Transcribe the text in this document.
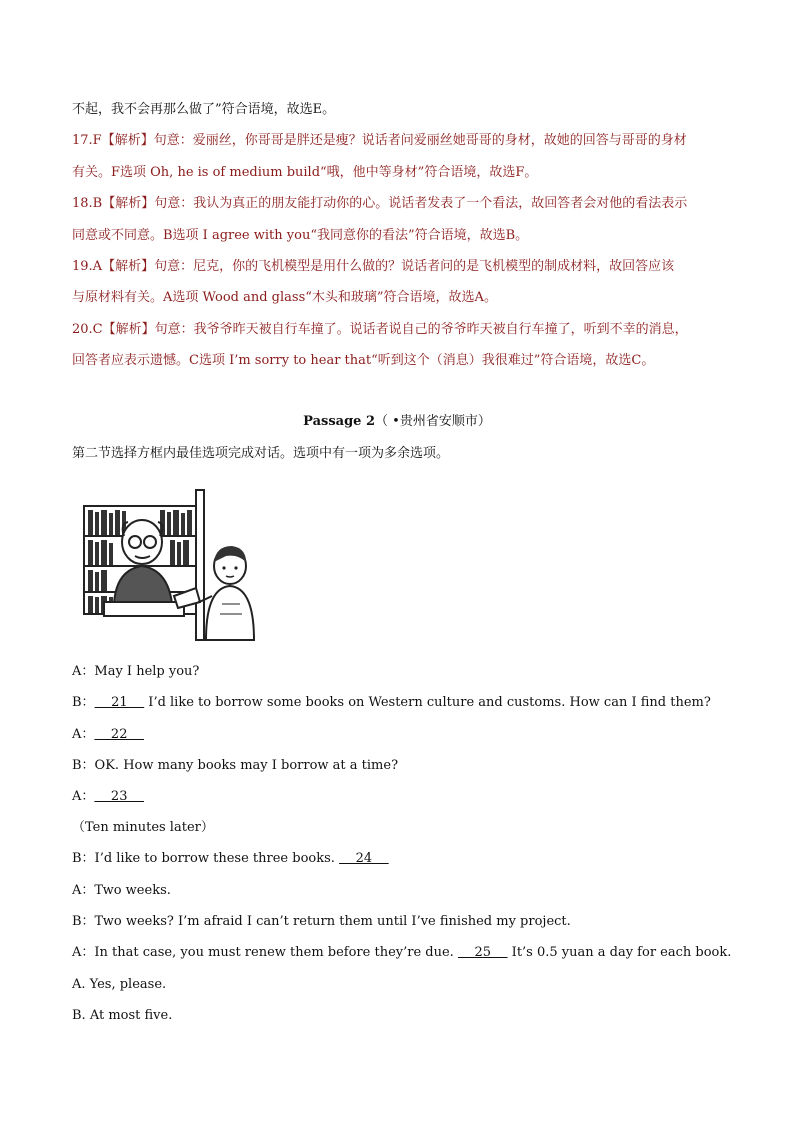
不起，我不会再那么做了”符合语境，故选E。
17.F【解析】句意：爱丽丝，你哥哥是胖还是瘦？说话者问爱丽丝她哥哥的身材，故她的回答与哥哥的身材
有关。F选项 Oh, he is of medium build“哦，他中等身材”符合语境，故选F。
18.B【解析】句意：我认为真正的朋友能打动你的心。说话者发表了一个看法，故回答者会对他的看法表示
同意或不同意。B选项 I agree with you“我同意你的看法”符合语境，故选B。
19.A【解析】句意：尼克，你的飞机模型是用什么做的？说话者问的是飞机模型的制成材料，故回答应该
与原材料有关。A选项 Wood and glass“木头和玻璃”符合语境，故选A。
20.C【解析】句意：我爷爷昨天被自行车撞了。说话者说自己的爷爷昨天被自行车撞了，听到不幸的消息，
回答者应表示遗憾。C选项 I’m sorry to hear that“听到这个（消息）我很难过”符合语境，故选C。
Passage 2（ •贵州省安顺市）
第二节选择方框内最佳选项完成对话。选项中有一项为多余选项。
A：May I help you?
B：    21     I’d like to borrow some books on Western culture and customs. How can I find them?
A：    22
B：OK. How many books may I borrow at a time?
A：    23
（Ten minutes later）
B：I’d like to borrow these three books.     24
A：Two weeks.
B：Two weeks? I’m afraid I can’t return them until I’ve finished my project.
A：In that case, you must renew them before they’re due.     25     It’s 0.5 yuan a day for each book.
A. Yes, please.
B. At most five.
